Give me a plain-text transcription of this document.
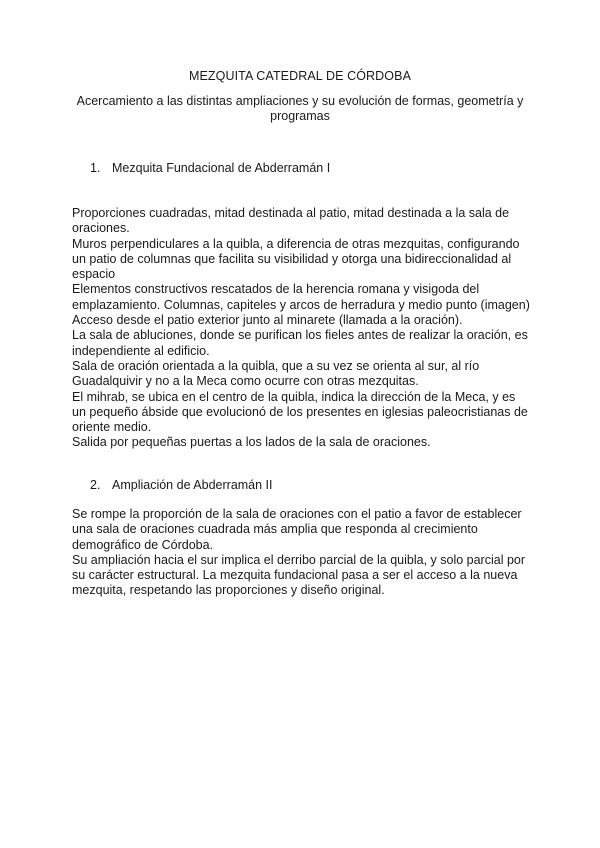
MEZQUITA CATEDRAL DE CÓRDOBA
Acercamiento a las distintas ampliaciones y su evolución de formas, geometría y programas
1. Mezquita Fundacional de Abderramán I

Proporciones cuadradas, mitad destinada al patio, mitad destinada a la sala de oraciones.

Muros perpendiculares a la quibla, a diferencia de otras mezquitas, configurando un patio de columnas que facilita su visibilidad y otorga una bidireccionalidad al espacio

Elementos constructivos rescatados de la herencia romana y visigoda del emplazamiento. Columnas, capiteles y arcos de herradura y medio punto (imagen)

Acceso desde el patio exterior junto al minarete (llamada a la oración).

La sala de abluciones, donde se purifican los fieles antes de realizar la oración, es independiente al edificio.

Sala de oración orientada a la quibla, que a su vez se orienta al sur, al río Guadalquivir y no a la Meca como ocurre con otras mezquitas.

El mihrab, se ubica en el centro de la quibla, indica la dirección de la Meca, y es un pequeño ábside que evolucionó de los presentes en iglesias paleocristianas de oriente medio.

Salida por pequeñas puertas a los lados de la sala de oraciones.

2. Ampliación de Abderramán II

Se rompe la proporción de la sala de oraciones con el patio a favor de establecer una sala de oraciones cuadrada más amplia que responda al crecimiento demográfico de Córdoba.

Su ampliación hacia el sur implica el derribo parcial de la quibla, y solo parcial por su carácter estructural. La mezquita fundacional pasa a ser el acceso a la nueva mezquita, respetando las proporciones y diseño original.
